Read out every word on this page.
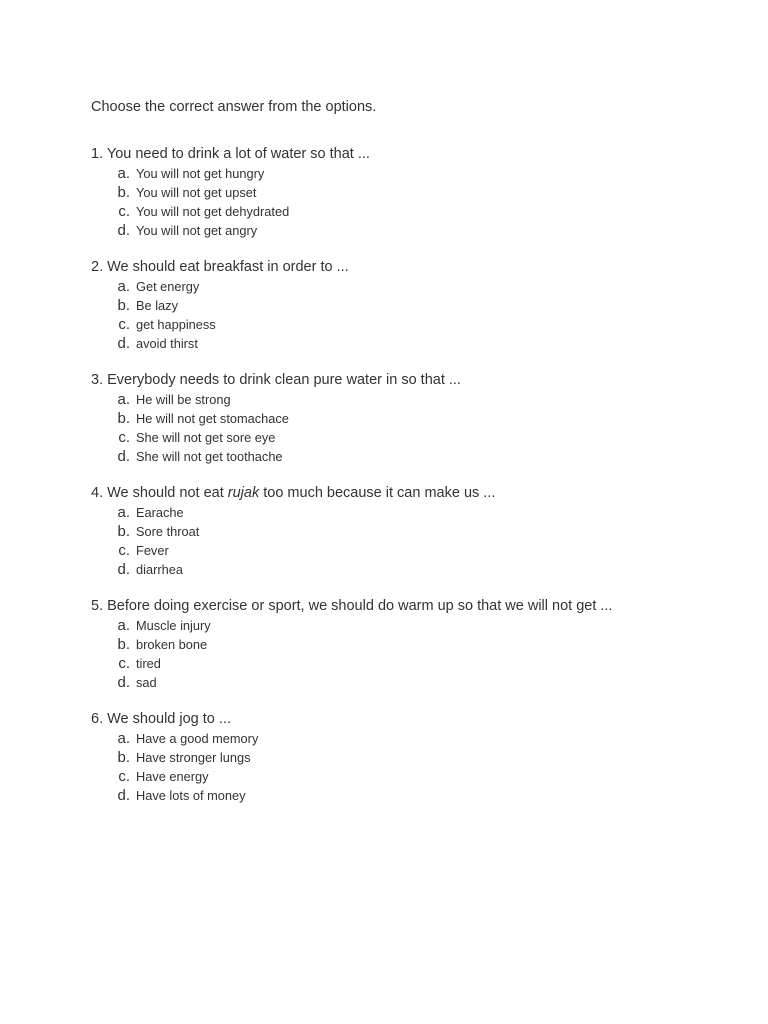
Choose the correct answer from the options.

1. You need to drink a lot of water so that ...

a. You will not get hungry
b. You will not get upset
c. You will not get dehydrated
d. You will not get angry

2. We should eat breakfast in order to ...

a. Get energy
b. Be lazy
c. get happiness
d. avoid thirst

3. Everybody needs to drink clean pure water in so that ...

a. He will be strong
b. He will not get stomachace
c. She will not get sore eye
d. She will not get toothache

4. We should not eat rujak too much because it can make us ...

a. Earache
b. Sore throat
c. Fever
d. diarrhea

5. Before doing exercise or sport, we should do warm up so that we will not get ...

a. Muscle injury
b. broken bone
c. tired
d. sad

6. We should jog to ...

a. Have a good memory
b. Have stronger lungs
c. Have energy
d. Have lots of money
